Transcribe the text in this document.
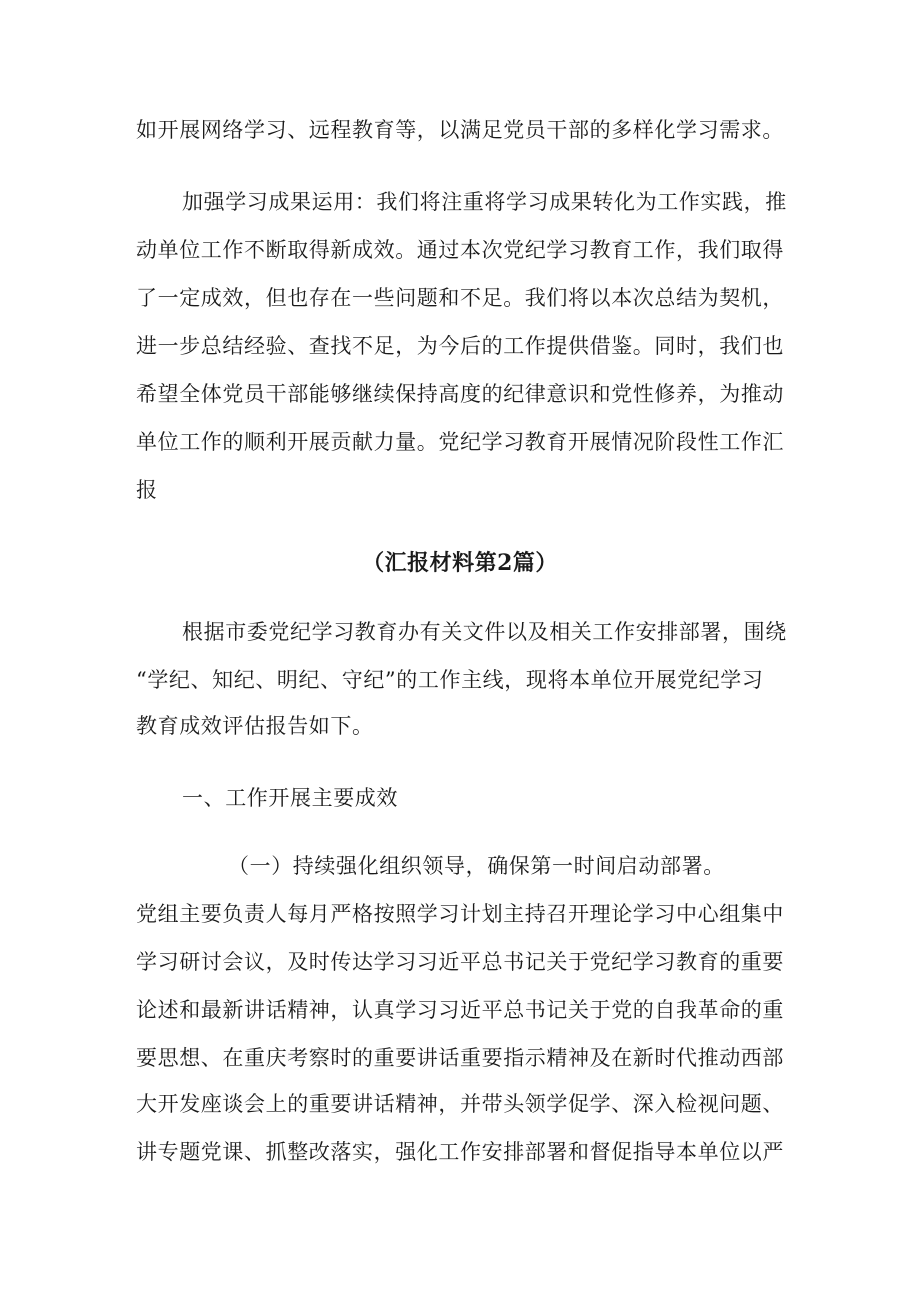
如开展网络学习、远程教育等，以满足党员干部的多样化学习需求。
加强学习成果运用：我们将注重将学习成果转化为工作实践，推
动单位工作不断取得新成效。通过本次党纪学习教育工作，我们取得
了一定成效，但也存在一些问题和不足。我们将以本次总结为契机，
进一步总结经验、查找不足，为今后的工作提供借鉴。同时，我们也
希望全体党员干部能够继续保持高度的纪律意识和党性修养，为推动
单位工作的顺利开展贡献力量。党纪学习教育开展情况阶段性工作汇
报
（汇报材料第2篇）
根据市委党纪学习教育办有关文件以及相关工作安排部署，围绕
“学纪、知纪、明纪、守纪”的工作主线，现将本单位开展党纪学习
教育成效评估报告如下。
一、工作开展主要成效
（一）持续强化组织领导，确保第一时间启动部署。
党组主要负责人每月严格按照学习计划主持召开理论学习中心组集中
学习研讨会议，及时传达学习习近平总书记关于党纪学习教育的重要
论述和最新讲话精神，认真学习习近平总书记关于党的自我革命的重
要思想、在重庆考察时的重要讲话重要指示精神及在新时代推动西部
大开发座谈会上的重要讲话精神，并带头领学促学、深入检视问题、
讲专题党课、抓整改落实，强化工作安排部署和督促指导本单位以严
